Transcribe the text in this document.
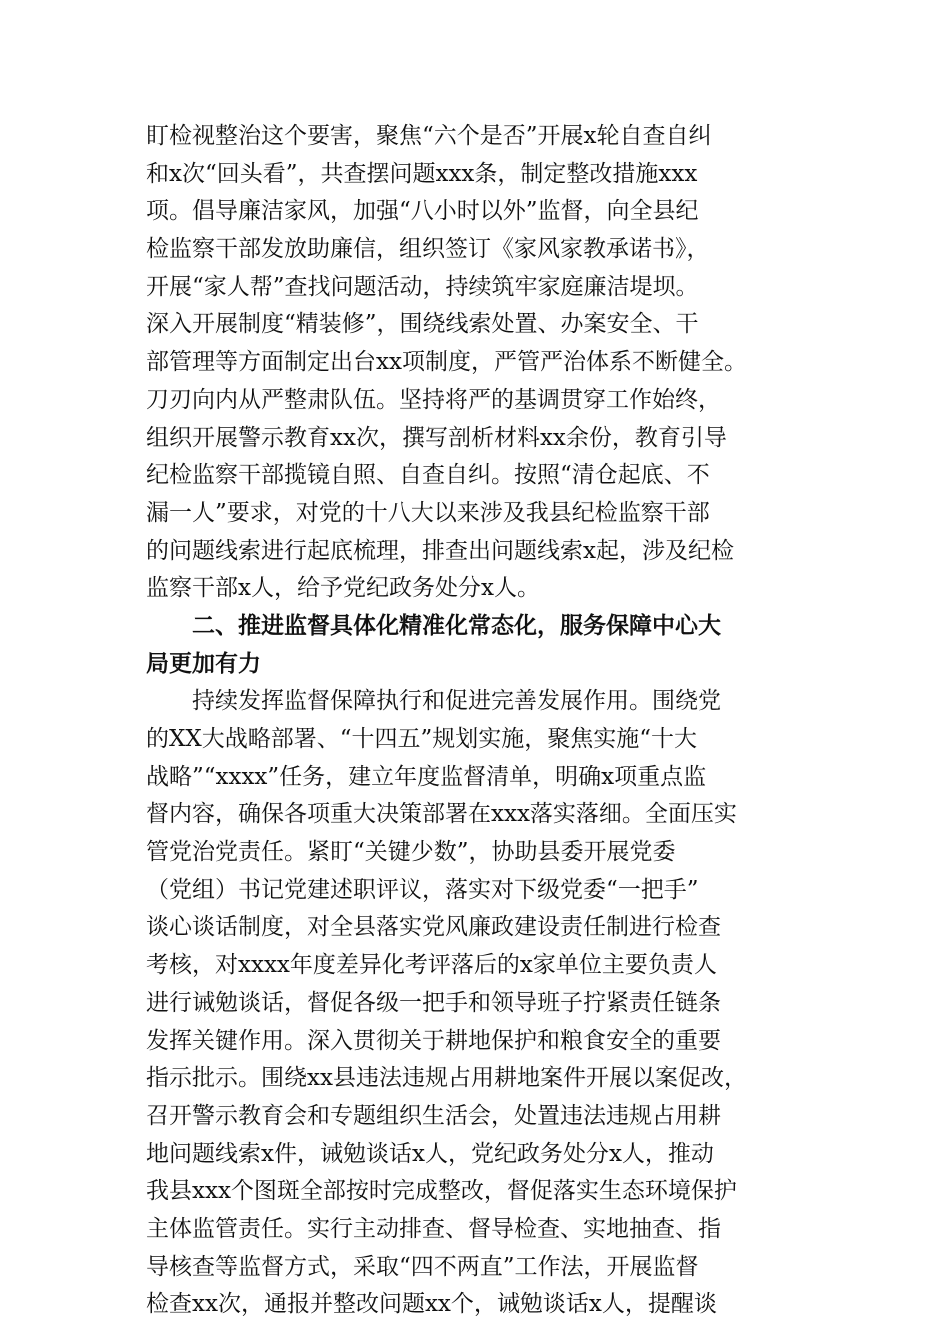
盯检视整治这个要害，聚焦“六个是否”开展x轮自查自纠
和x次“回头看”，共查摆问题xxx条，制定整改措施xxx
项。倡导廉洁家风，加强“八小时以外”监督，向全县纪
检监察干部发放助廉信，组织签订《家风家教承诺书》，
开展“家人帮”查找问题活动，持续筑牢家庭廉洁堤坝。
深入开展制度“精装修”，围绕线索处置、办案安全、干
部管理等方面制定出台xx项制度，严管严治体系不断健全。
刀刃向内从严整肃队伍。坚持将严的基调贯穿工作始终，
组织开展警示教育xx次，撰写剖析材料xx余份，教育引导
纪检监察干部揽镜自照、自查自纠。按照“清仓起底、不
漏一人”要求，对党的十八大以来涉及我县纪检监察干部
的问题线索进行起底梳理，排查出问题线索x起，涉及纪检
监察干部x人，给予党纪政务处分x人。
二、推进监督具体化精准化常态化，服务保障中心大
局更加有力
持续发挥监督保障执行和促进完善发展作用。围绕党
的XX大战略部署、“十四五”规划实施，聚焦实施“十大
战略”“xxxx”任务，建立年度监督清单，明确x项重点监
督内容，确保各项重大决策部署在xxx落实落细。全面压实
管党治党责任。紧盯“关键少数”，协助县委开展党委
（党组）书记党建述职评议，落实对下级党委“一把手”
谈心谈话制度，对全县落实党风廉政建设责任制进行检查
考核，对xxxx年度差异化考评落后的x家单位主要负责人
进行诫勉谈话，督促各级一把手和领导班子拧紧责任链条
发挥关键作用。深入贯彻关于耕地保护和粮食安全的重要
指示批示。围绕xx县违法违规占用耕地案件开展以案促改，
召开警示教育会和专题组织生活会，处置违法违规占用耕
地问题线索x件，诫勉谈话x人，党纪政务处分x人，推动
我县xxx个图斑全部按时完成整改，督促落实生态环境保护
主体监管责任。实行主动排查、督导检查、实地抽查、指
导核查等监督方式，采取“四不两直”工作法，开展监督
检查xx次，通报并整改问题xx个，诫勉谈话x人，提醒谈
